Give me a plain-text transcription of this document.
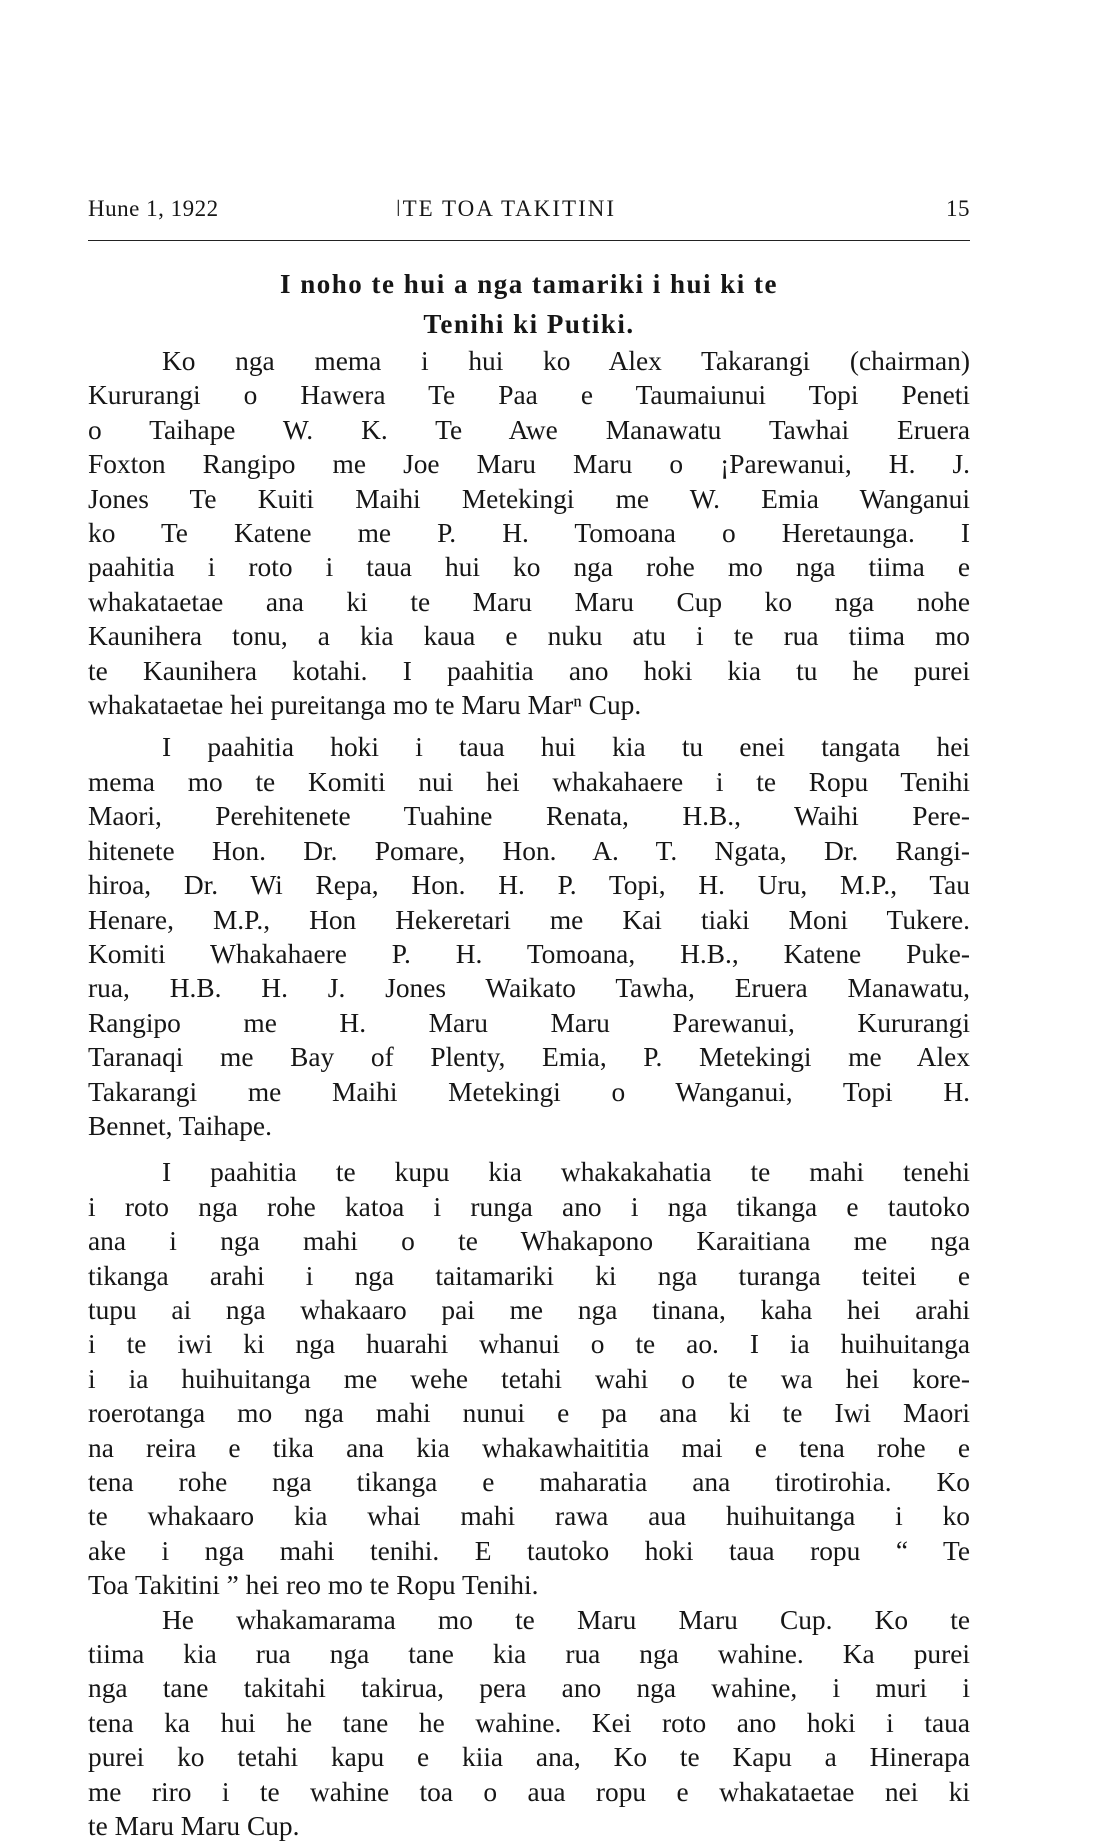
Hune 1, 1922	ǀTE TOA TAKITINI	15
I noho te hui a nga tamariki i hui ki te
Tenihi ki Putiki.
Ko nga mema i hui ko Alex Takarangi (chairman)
Kururangi o Hawera Te Paa e Taumaiunui Topi Peneti
o Taihape W. K. Te Awe Manawatu Tawhai Eruera
Foxton Rangipo me Joe Maru Maru o ¡Parewanui, H. J.
Jones Te Kuiti Maihi Metekingi me W. Emia Wanganui
ko Te Katene me P. H. Tomoana o Heretaunga. I
paahitia i roto i taua hui ko nga rohe mo nga tiima e
whakataetae ana ki te Maru Maru Cup ko nga nohe
Kaunihera tonu, a kia kaua e nuku atu i te rua tiima mo
te Kaunihera kotahi. I paahitia ano hoki kia tu he purei
whakataetae hei pureitanga mo te Maru Marⁿ Cup.
I paahitia hoki i taua hui kia tu enei tangata hei
mema mo te Komiti nui hei whakahaere i te Ropu Tenihi
Maori, Perehitenete Tuahine Renata, H.B., Waihi Pere-
hitenete Hon. Dr. Pomare, Hon. A. T. Ngata, Dr. Rangi-
hiroa, Dr. Wi Repa, Hon. H. P. Topi, H. Uru, M.P., Tau
Henare, M.P., Hon Hekeretari me Kai tiaki Moni Tukere.
Komiti Whakahaere P. H. Tomoana, H.B., Katene Puke-
rua, H.B. H. J. Jones Waikato Tawha, Eruera Manawatu,
Rangipo me H. Maru Maru Parewanui, Kururangi
Taranaqi me Bay of Plenty, Emia, P. Metekingi me Alex
Takarangi me Maihi Metekingi o Wanganui, Topi H.
Bennet, Taihape.
I paahitia te kupu kia whakakahatia te mahi tenehi
i roto nga rohe katoa i runga ano i nga tikanga e tautoko
ana i nga mahi o te Whakapono Karaitiana me nga
tikanga arahi i nga taitamariki ki nga turanga teitei e
tupu ai nga whakaaro pai me nga tinana, kaha hei arahi
i te iwi ki nga huarahi whanui o te ao. I ia huihuitanga
i ia huihuitanga me wehe tetahi wahi o te wa hei kore-
roerotanga mo nga mahi nunui e pa ana ki te Iwi Maori
na reira e tika ana kia whakawhaititia mai e tena rohe e
tena rohe nga tikanga e maharatia ana tirotirohia. Ko
te whakaaro kia whai mahi rawa aua huihuitanga i ko
ake i nga mahi tenihi. E tautoko hoki taua ropu “ Te
Toa Takitini ” hei reo mo te Ropu Tenihi.
He whakamarama mo te Maru Maru Cup. Ko te
tiima kia rua nga tane kia rua nga wahine. Ka purei
nga tane takitahi takirua, pera ano nga wahine, i muri i
tena ka hui he tane he wahine. Kei roto ano hoki i taua
purei ko tetahi kapu e kiia ana, Ko te Kapu a Hinerapa
me riro i te wahine toa o aua ropu e whakataetae nei ki
te Maru Maru Cup.
